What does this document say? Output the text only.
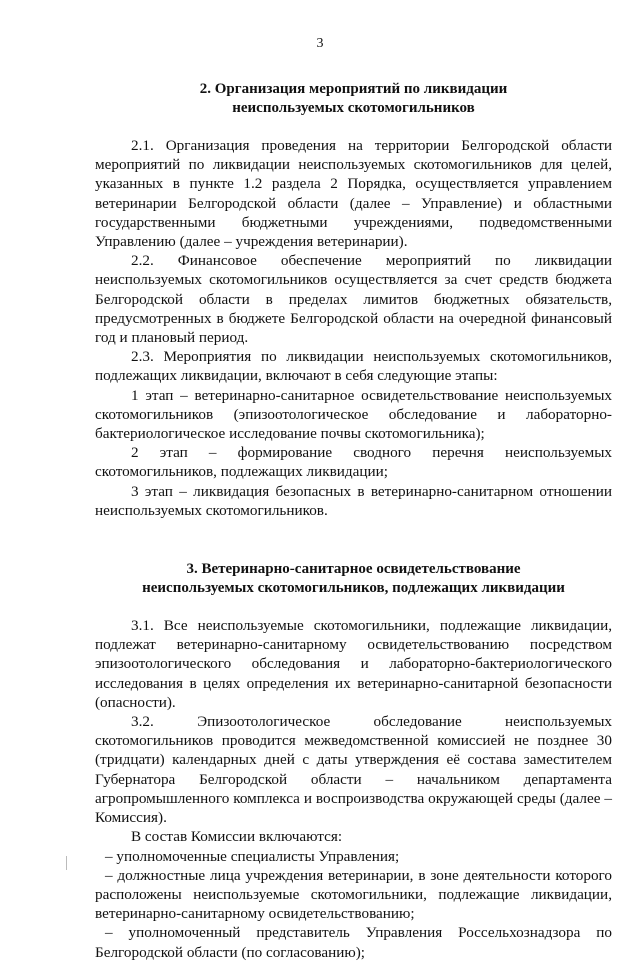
3
2. Организация мероприятий по ликвидации
неиспользуемых скотомогильников

2.1. Организация проведения на территории Белгородской области мероприятий по ликвидации неиспользуемых скотомогильников для целей, указанных в пункте 1.2 раздела 2 Порядка, осуществляется управлением ветеринарии Белгородской области (далее – Управление) и областными государственными бюджетными учреждениями, подведомственными Управлению (далее – учреждения ветеринарии).

2.2. Финансовое обеспечение мероприятий по ликвидации неиспользуемых скотомогильников осуществляется за счет средств бюджета Белгородской области в пределах лимитов бюджетных обязательств, предусмотренных в бюджете Белгородской области на очередной финансовый год и плановый период.

2.3. Мероприятия по ликвидации неиспользуемых скотомогильников, подлежащих ликвидации, включают в себя следующие этапы:

1 этап – ветеринарно-санитарное освидетельствование неиспользуемых скотомогильников (эпизоотологическое обследование и лабораторно-бактериологическое исследование почвы скотомогильника);

2 этап – формирование сводного перечня неиспользуемых скотомогильников, подлежащих ликвидации;

3 этап – ликвидация безопасных в ветеринарно-санитарном отношении неиспользуемых скотомогильников.

3. Ветеринарно-санитарное освидетельствование
неиспользуемых скотомогильников, подлежащих ликвидации

3.1. Все неиспользуемые скотомогильники, подлежащие ликвидации, подлежат ветеринарно-санитарному освидетельствованию посредством эпизоотологического обследования и лабораторно-бактериологического исследования в целях определения их ветеринарно-санитарной безопасности (опасности).

3.2. Эпизоотологическое обследование неиспользуемых скотомогильников проводится межведомственной комиссией не позднее 30 (тридцати) календарных дней с даты утверждения её состава заместителем Губернатора Белгородской области – начальником департамента агропромышленного комплекса и воспроизводства окружающей среды (далее – Комиссия).

В состав Комиссии включаются:

– уполномоченные специалисты Управления;

– должностные лица учреждения ветеринарии, в зоне деятельности которого расположены неиспользуемые скотомогильники, подлежащие ликвидации, ветеринарно-санитарному освидетельствованию;

– уполномоченный представитель Управления Россельхознадзора по Белгородской области (по согласованию);
